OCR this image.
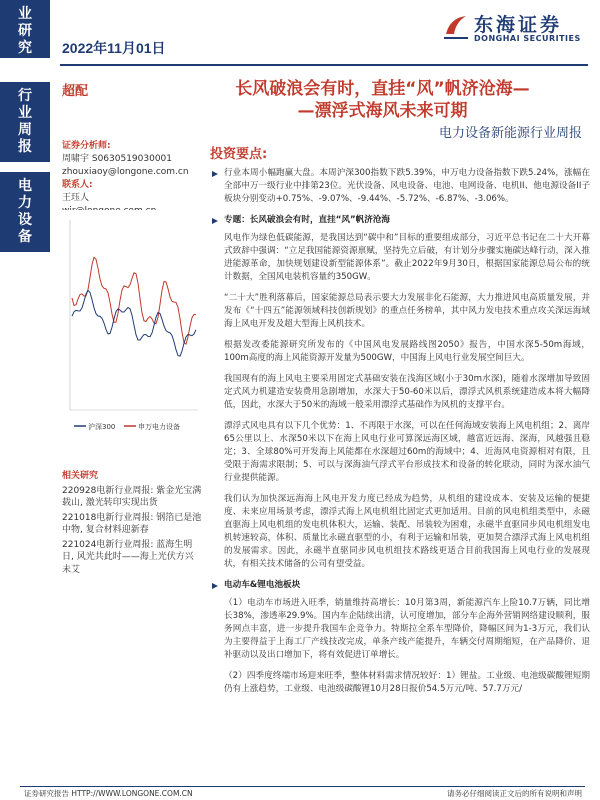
业
研
究
行
业
周
报
电
力
设
备
2022年11月01日
东海证券
DONGHAI SECURITIES
超配	长风破浪会有时，直挂“风”帆济沧海—
—漂浮式海风未来可期
电力设备新能源行业周报
证券分析师:
周啸宇 S0630519030001
zhouxiaoy@longone.com.cn
联系人:
王珏人
沪深300	申万电力设备
相关研究

220928电新行业周报: 紫金光宝满载山, 激光转印实现出货

221018电新行业周报: 钢箔已是池中物, 复合材料迎新春

221024电新行业周报: 蓝海生明日, 风光共此时——海上光伏方兴未艾

投资要点:

行业本周小幅跑赢大盘。本周沪深300指数下跌5.39%，申万电力设备指数下跌5.24%，涨幅在全部申万一级行业中排第23位。光伏设备、风电设备、电池、电网设备、电机II、他电源设备II子板块分别变动+0.75%、-9.07%、-9.44%、-5.72%、-6.87%、-3.06%。

专题：长风破浪会有时，直挂“风”帆济沧海

风电作为绿色低碳能源，是我国达到“碳中和”目标的重要组成部分，习近平总书记在二十大开幕式致辞中强调：“立足我国能源资源禀赋，坚持先立后破，有计划分步骤实施碳达峰行动，深入推进能源革命，加快规划建设新型能源体系”。截止2022年9月30日，根据国家能源总局公布的统计数据，全国风电装机容量约350GW。

“二十大”胜利落幕后，国家能源总局表示要大力发展非化石能源，大力推进风电高质量发展，并发布《“十四五”能源领域科技创新规划》的重点任务榜单，其中风力发电技术重点攻关深远海域海上风电开发及超大型海上风机技术。

根据发改委能源研究所发布的《中国风电发展路线图2050》报告，中国水深5-50m海域，100m高度的海上风能资源开发量为500GW，中国海上风电行业发展空间巨大。

我国现有的海上风电主要采用固定式基础安装在浅海区域(小于30m水深)，随着水深增加导致固定式风力机建造安装费用急剧增加，水深大于50-60米以后，漂浮式风机系统建造成本将大幅降低，因此，水深大于50米的海域一般采用漂浮式基础作为风机的支撑平台。

漂浮式风电具有以下几个优势：1、不再限于水深，可以在任何海域安装海上风电机组；2、离岸65公里以上、水深50米以下在海上风电行业可算深远海区域，越富近远海、深海，风越强且稳定；3、全球80%可开发海上风能都在水深超过60m的海域中；4、近海风电资源相对有限，且受限于海需求限制；5、可以与深海油气浮式平台形成技术和设备的转化联动，同时为深水油气行业提供能源。

我们认为加快深远海海上风电开发力度已经成为趋势，从机组的建设成本、安装及运输的便捷度、未来应用场景考虑，漂浮式海上风电机组比固定式更加适用。目前的风电机组类型中，永磁直驱海上风电机组的发电机体积大，运输、装配、吊装较为困难，永磁半直驱同步风电机组发电机转速较高，体积、质量比永磁直驱型的小，有利于运输和吊装，更加契合漂浮式海上风电机组的发展需求。因此，永磁半直驱同步风电机组技术路线更适合目前我国海上风电行业的发展现状，有相关技术储备的公司有望受益。

电动车&锂电池板块

（1）电动车市场进入旺季，销量维持高增长：10月第3周，新能源汽车上险10.7万辆，同比增长38%，渗透率29.9%。国内车企陆续出清，认可度增加，部分车企海外营销网络建设顺利，服务网点丰富，进一步提升我国车企竞争力。特斯拉全系车型降价，降幅区间为1-3万元，我们认为主要得益于上海工厂产线技改完成，单条产线产能提升，车辆交付周期缩短，在产品降价、退补驱动以及出口增加下，将有效促进订单增长。

（2）四季度终端市场迎来旺季，整体材料需求情况较好：1）锂盐。工业级、电池级碳酸锂短期仍有上涨趋势，工业级、电池级碳酸锂10月28日报价54.5万元/吨、57.7万元/

证券研究报告 HTTP://WWW.LONGONE.COM.CN	请务必仔细阅读正文后的所有说明和声明
